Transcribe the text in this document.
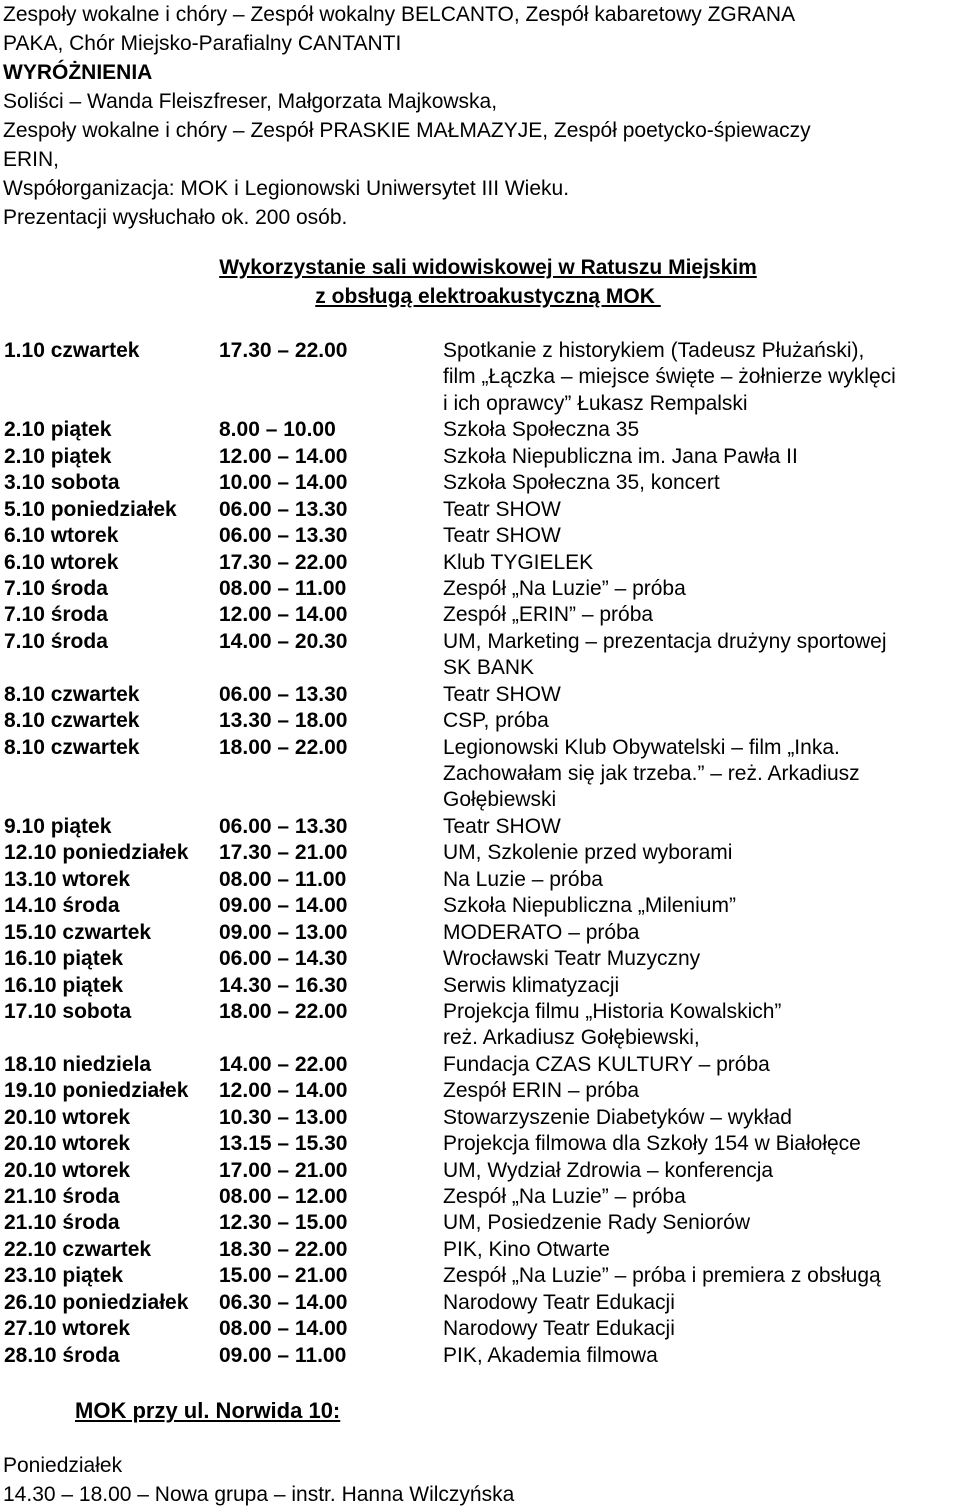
Zespoły wokalne i chóry – Zespół wokalny BELCANTO, Zespół kabaretowy ZGRANA
PAKA, Chór Miejsko-Parafialny CANTANTI
WYRÓŻNIENIA
Soliści – Wanda Fleiszfreser, Małgorzata Majkowska,
Zespoły wokalne i chóry – Zespół PRASKIE MAŁMAZYJE, Zespół poetycko-śpiewaczy
ERIN,
Współorganizacja: MOK i Legionowski Uniwersytet III Wieku.
Prezentacji wysłuchało ok. 200 osób.
Wykorzystanie sali widowiskowej w Ratuszu Miejskim
z obsługą elektroakustyczną MOK
1.10 czwartek	17.30 – 22.00	Spotkanie z historykiem (Tadeusz Płużański),
film „Łączka – miejsce święte – żołnierze wyklęci
i ich oprawcy” Łukasz Rempalski
2.10 piątek	8.00 – 10.00	Szkoła Społeczna 35
2.10 piątek	12.00 – 14.00	Szkoła Niepubliczna im. Jana Pawła II
3.10 sobota	10.00 – 14.00	Szkoła Społeczna 35, koncert
5.10 poniedziałek 06.00 – 13.30	Teatr SHOW
6.10 wtorek	06.00 – 13.30	Teatr SHOW
6.10 wtorek	17.30 – 22.00	Klub TYGIELEK
7.10 środa	08.00 – 11.00	Zespół „Na Luzie” – próba
7.10 środa	12.00 – 14.00	Zespół „ERIN” – próba
7.10 środa	14.00 – 20.30	UM, Marketing – prezentacja drużyny sportowej
SK BANK
8.10 czwartek	06.00 – 13.30	Teatr SHOW
8.10 czwartek	13.30 – 18.00	CSP, próba
8.10 czwartek	18.00 – 22.00	Legionowski Klub Obywatelski – film „Inka.
Zachowałam się jak trzeba.” – reż. Arkadiusz
Gołębiewski
9.10 piątek	06.00 – 13.30	Teatr SHOW
12.10 poniedziałek 17.30 – 21.00	UM, Szkolenie przed wyborami
13.10 wtorek	08.00 – 11.00	Na Luzie – próba
14.10 środa	09.00 – 14.00	Szkoła Niepubliczna „Milenium”
15.10 czwartek	09.00 – 13.00	MODERATO – próba
16.10 piątek	06.00 – 14.30	Wrocławski Teatr Muzyczny
16.10 piątek	14.30 – 16.30	Serwis klimatyzacji
17.10 sobota	18.00 – 22.00	Projekcja filmu „Historia Kowalskich”
reż. Arkadiusz Gołębiewski,
18.10 niedziela	14.00 – 22.00	Fundacja CZAS KULTURY – próba
19.10 poniedziałek 12.00 – 14.00	Zespół ERIN – próba
20.10 wtorek	10.30 – 13.00	Stowarzyszenie Diabetyków – wykład
20.10 wtorek	13.15 – 15.30	Projekcja filmowa dla Szkoły 154 w Białołęce
20.10 wtorek	17.00 – 21.00	UM, Wydział Zdrowia – konferencja
21.10 środa	08.00 – 12.00	Zespół „Na Luzie” – próba
21.10 środa	12.30 – 15.00	UM, Posiedzenie Rady Seniorów
22.10 czwartek	18.30 – 22.00	PIK, Kino Otwarte
23.10 piątek	15.00 – 21.00	Zespół „Na Luzie” – próba i premiera z obsługą
26.10 poniedziałek 06.30 – 14.00	Narodowy Teatr Edukacji
27.10 wtorek	08.00 – 14.00	Narodowy Teatr Edukacji
28.10 środa	09.00 – 11.00	PIK, Akademia filmowa
MOK przy ul. Norwida 10:
Poniedziałek
14.30 – 18.00 – Nowa grupa – instr. Hanna Wilczyńska
